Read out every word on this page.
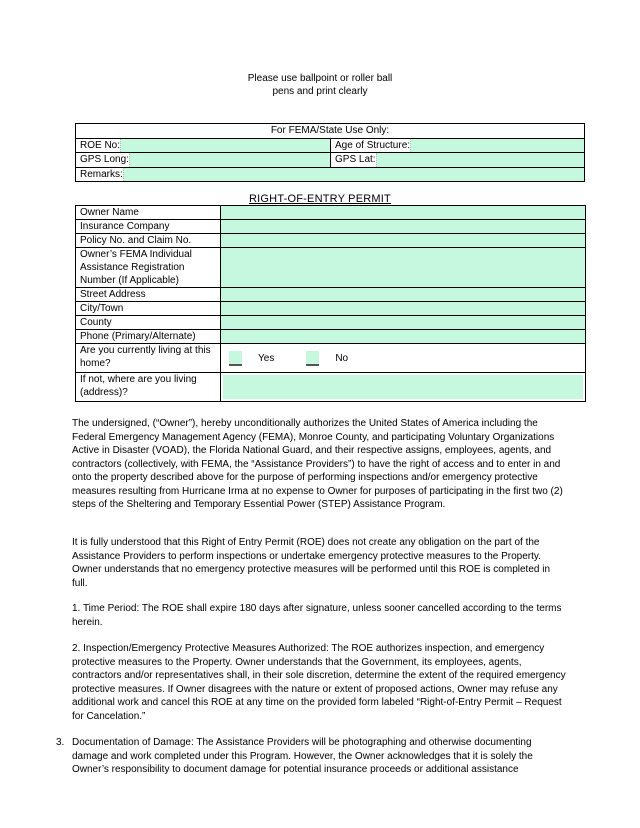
Please use ballpoint or roller ball
pens and print clearly
For FEMA/State Use Only:
ROE No:	Age of Structure:
GPS Long:	GPS Lat:
Remarks:
RIGHT-OF-ENTRY PERMIT
Owner Name	
Insurance Company	
Policy No. and Claim No.	
Owner’s FEMA Individual Assistance Registration Number (If Applicable)	
Street Address	
City/Town	
County	
Phone (Primary/Alternate)	
Are you currently living at this home?	Yes No

If not, where are you living (address)?	
The undersigned, (“Owner”), hereby unconditionally authorizes the United States of America including the Federal Emergency Management Agency (FEMA), Monroe County, and participating Voluntary Organizations Active in Disaster (VOAD), the Florida National Guard, and their respective assigns, employees, agents, and contractors (collectively, with FEMA, the “Assistance Providers”) to have the right of access and to enter in and onto the property described above for the purpose of performing inspections and/or emergency protective measures resulting from Hurricane Irma at no expense to Owner for purposes of participating in the first two (2) steps of the Sheltering and Temporary Essential Power (STEP) Assistance Program.
It is fully understood that this Right of Entry Permit (ROE) does not create any obligation on the part of the Assistance Providers to perform inspections or undertake emergency protective measures to the Property. Owner understands that no emergency protective measures will be performed until this ROE is completed in full.
1. Time Period: The ROE shall expire 180 days after signature, unless sooner cancelled according to the terms herein.
2. Inspection/Emergency Protective Measures Authorized: The ROE authorizes inspection, and emergency protective measures to the Property. Owner understands that the Government, its employees, agents, contractors and/or representatives shall, in their sole discretion, determine the extent of the required emergency protective measures. If Owner disagrees with the nature or extent of proposed actions, Owner may refuse any additional work and cancel this ROE at any time on the provided form labeled “Right-of-Entry Permit – Request for Cancelation.”
3. Documentation of Damage: The Assistance Providers will be photographing and otherwise documenting damage and work completed under this Program. However, the Owner acknowledges that it is solely the Owner’s responsibility to document damage for potential insurance proceeds or additional assistance
